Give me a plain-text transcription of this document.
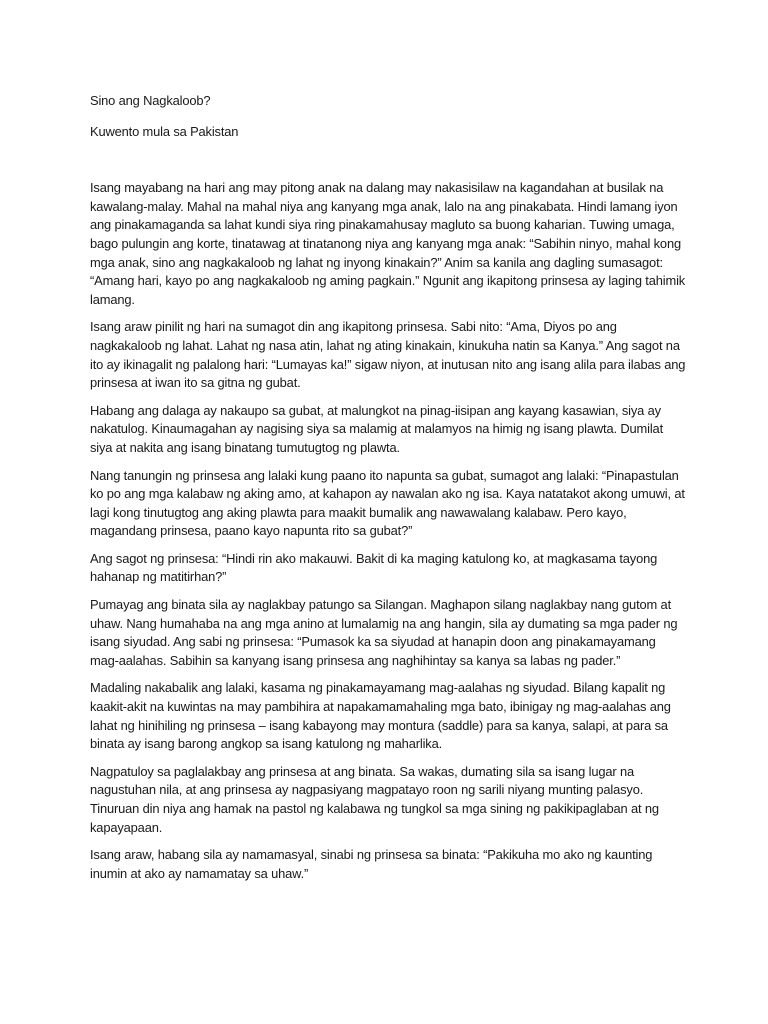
Sino ang Nagkaloob?

Kuwento mula sa Pakistan

Isang mayabang na hari ang may pitong anak na dalang may nakasisilaw na kagandahan at busilak na kawalang-malay. Mahal na mahal niya ang kanyang mga anak, lalo na ang pinakabata. Hindi lamang iyon ang pinakamaganda sa lahat kundi siya ring pinakamahusay magluto sa buong kaharian. Tuwing umaga, bago pulungin ang korte, tinatawag at tinatanong niya ang kanyang mga anak: “Sabihin ninyo, mahal kong mga anak, sino ang nagkakaloob ng lahat ng inyong kinakain?” Anim sa kanila ang dagling sumasagot: “Amang hari, kayo po ang nagkakaloob ng aming pagkain.” Ngunit ang ikapitong prinsesa ay laging tahimik lamang.

Isang araw pinilit ng hari na sumagot din ang ikapitong prinsesa. Sabi nito: “Ama, Diyos po ang nagkakaloob ng lahat. Lahat ng nasa atin, lahat ng ating kinakain, kinukuha natin sa Kanya.” Ang sagot na ito ay ikinagalit ng palalong hari: “Lumayas ka!” sigaw niyon, at inutusan nito ang isang alila para ilabas ang prinsesa at iwan ito sa gitna ng gubat.

Habang ang dalaga ay nakaupo sa gubat, at malungkot na pinag-iisipan ang kayang kasawian, siya ay nakatulog. Kinaumagahan ay nagising siya sa malamig at malamyos na himig ng isang plawta. Dumilat siya at nakita ang isang binatang tumutugtog ng plawta.

Nang tanungin ng prinsesa ang lalaki kung paano ito napunta sa gubat, sumagot ang lalaki: “Pinapastulan ko po ang mga kalabaw ng aking amo, at kahapon ay nawalan ako ng isa. Kaya natatakot akong umuwi, at lagi kong tinutugtog ang aking plawta para maakit bumalik ang nawawalang kalabaw. Pero kayo, magandang prinsesa, paano kayo napunta rito sa gubat?”

Ang sagot ng prinsesa: “Hindi rin ako makauwi. Bakit di ka maging katulong ko, at magkasama tayong hahanap ng matitirhan?”

Pumayag ang binata sila ay naglakbay patungo sa Silangan. Maghapon silang naglakbay nang gutom at uhaw. Nang humahaba na ang mga anino at lumalamig na ang hangin, sila ay dumating sa mga pader ng isang siyudad. Ang sabi ng prinsesa: “Pumasok ka sa siyudad at hanapin doon ang pinakamayamang mag-aalahas. Sabihin sa kanyang isang prinsesa ang naghihintay sa kanya sa labas ng pader.”

Madaling nakabalik ang lalaki, kasama ng pinakamayamang mag-aalahas ng siyudad. Bilang kapalit ng kaakit-akit na kuwintas na may pambihira at napakamamahaling mga bato, ibinigay ng mag-aalahas ang lahat ng hinihiling ng prinsesa – isang kabayong may montura (saddle) para sa kanya, salapi, at para sa binata ay isang barong angkop sa isang katulong ng maharlika.

Nagpatuloy sa paglalakbay ang prinsesa at ang binata. Sa wakas, dumating sila sa isang lugar na nagustuhan nila, at ang prinsesa ay nagpasiyang magpatayo roon ng sarili niyang munting palasyo. Tinuruan din niya ang hamak na pastol ng kalabawa ng tungkol sa mga sining ng pakikipaglaban at ng kapayapaan.

Isang araw, habang sila ay namamasyal, sinabi ng prinsesa sa binata: “Pakikuha mo ako ng kaunting inumin at ako ay namamatay sa uhaw.”
